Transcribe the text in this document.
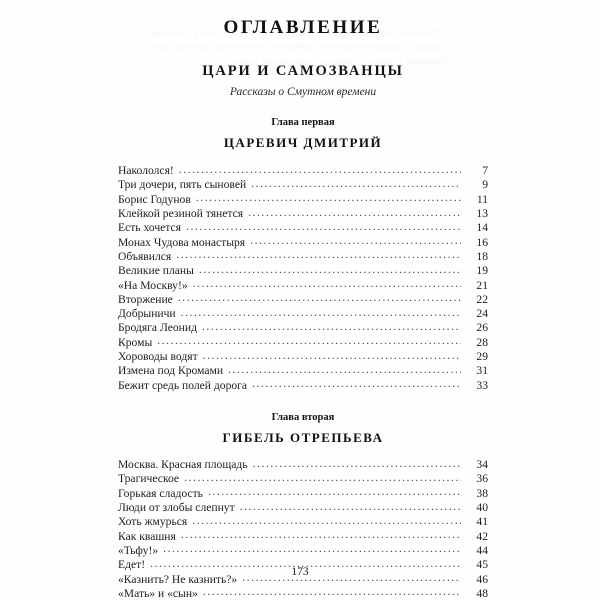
ОГЛАВЛЕНИЕ
ЦАРИ И САМОЗВАНЦЫ
Рассказы о Смутном времени
Глава первая
ЦАРЕВИЧ ДМИТРИЙ
Накололся! .....	7
Три дочери, пять сыновей .....	9
Борис Годунов .....	11
Клейкой резиной тянется .....	13
Есть хочется .....	14
Монах Чудова монастыря .....	16
Объявился .....	18
Великие планы .....	19
«На Москву!» .....	21
Вторжение .....	22
Добрыничи .....	24
Бродяга Леонид .....	26
Кромы .....	28
Хороводы водят .....	29
Измена под Кромами .....	31
Бежит средь полей дорога .....	33
Глава вторая
ГИБЕЛЬ ОТРЕПЬЕВА
Москва. Красная площадь .....	34
Трагическое .....	36
Горькая сладость .....	38
Люди от злобы слепнут .....	40
Хоть жмурься .....	41
Как квашня .....	42
«Тьфу!» .....	44
Едет! .....	45
«Казнить? Не казнить?» .....	46
«Мать» и «сын» .....	48
173
